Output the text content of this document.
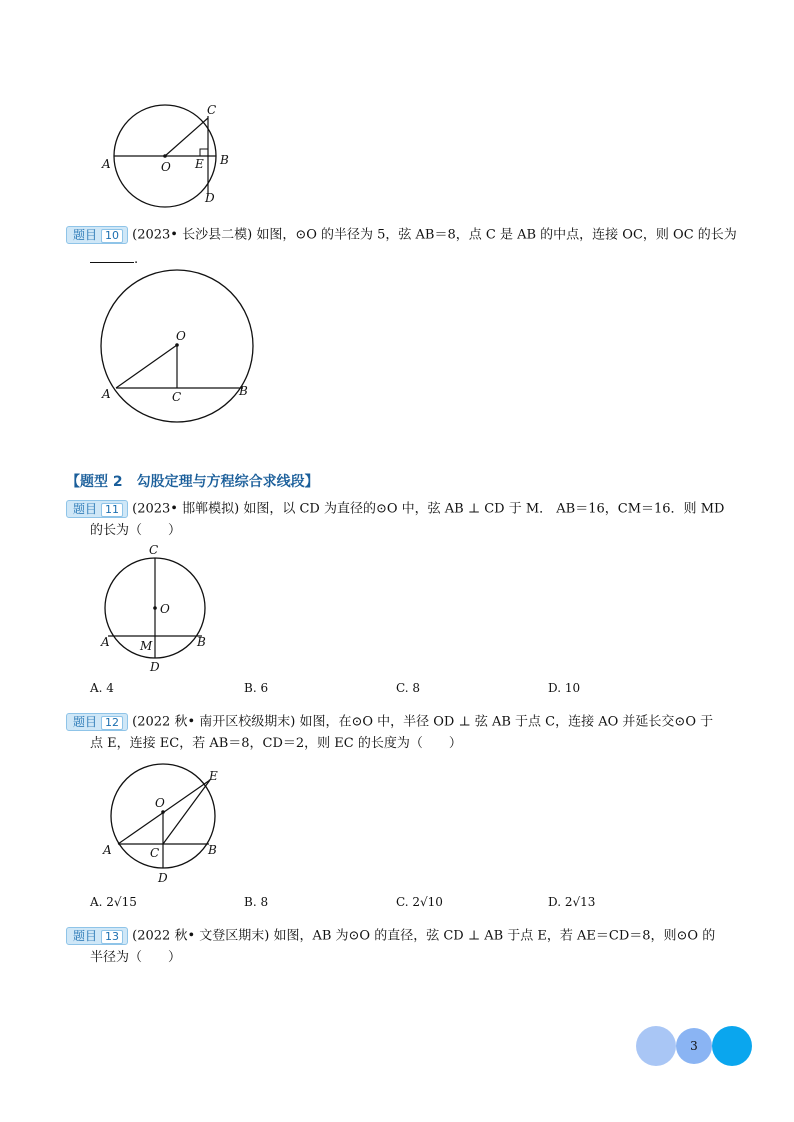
C
A	O E B
D
题目 10 (2023• 长沙县二模) 如图，⊙O 的半径为 5，弦 AB＝8，点 C 是 AB 的中点，连接 OC，则 OC 的长为
.
O
A	C	B
【题型 2　勾股定理与方程综合求线段】
题目 11 (2023• 邯郸模拟) 如图，以 CD 为直径的⊙O 中，弦 AB ⊥ CD 于 M． AB＝16，CM＝16．则 MD
的长为（　　）
C
O
A	M	B
D
A. 4	B. 6	C. 8	D. 10
题目 12 (2022 秋• 南开区校级期末) 如图，在⊙O 中，半径 OD ⊥ 弦 AB 于点 C，连接 AO 并延长交⊙O 于
点 E，连接 EC，若 AB＝8，CD＝2，则 EC 的长度为（　　）
E
O
A	C	B
D
A. 2√15	B. 8	C. 2√10	D. 2√13
题目 13 (2022 秋• 文登区期末) 如图，AB 为⊙O 的直径，弦 CD ⊥ AB 于点 E，若 AE＝CD＝8，则⊙O 的
半径为（　　）
3
